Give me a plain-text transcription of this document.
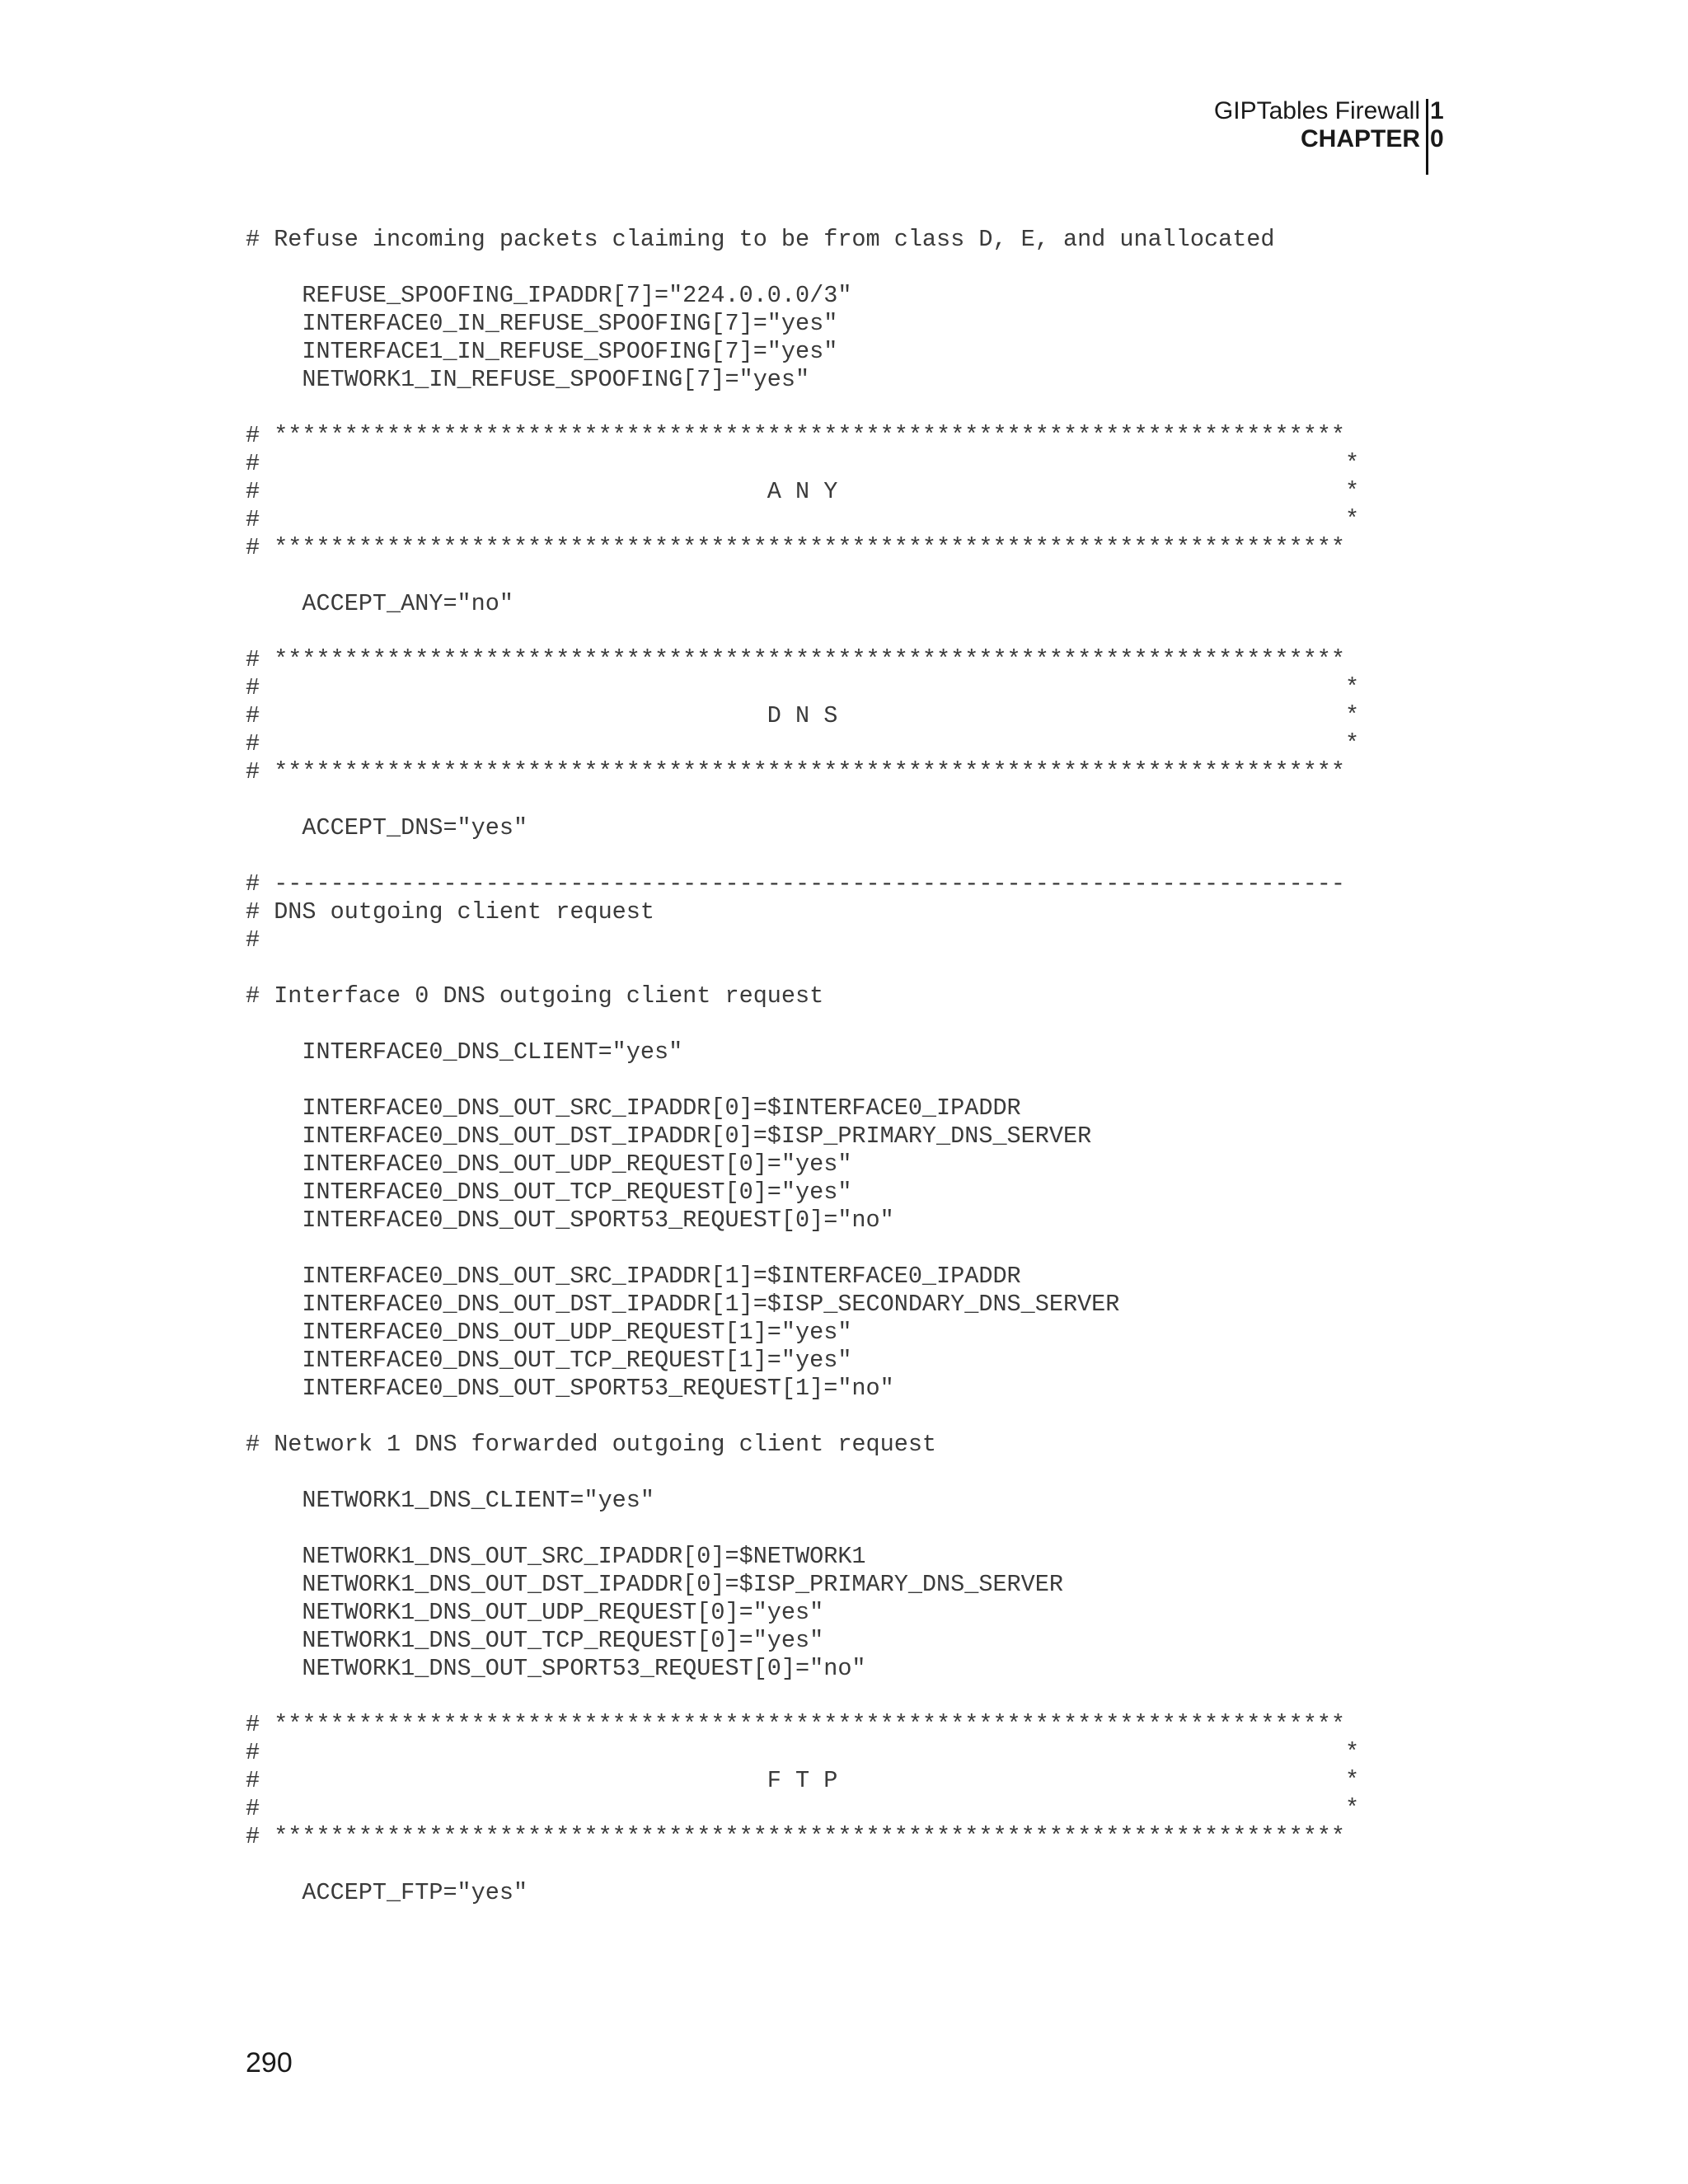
GIPTables Firewall
CHAPTER
1
0
# Refuse incoming packets claiming to be from class D, E, and unallocated
REFUSE_SPOOFING_IPADDR[7]="224.0.0.0/3"
INTERFACE0_IN_REFUSE_SPOOFING[7]="yes"
INTERFACE1_IN_REFUSE_SPOOFING[7]="yes"
NETWORK1_IN_REFUSE_SPOOFING[7]="yes"
# ****************************************************************************
#                                                                             *
#                                    A N Y                                    *
#                                                                             *
# ****************************************************************************
ACCEPT_ANY="no"
# ****************************************************************************
#                                                                             *
#                                    D N S                                    *
#                                                                             *
# ****************************************************************************
ACCEPT_DNS="yes"
# ----------------------------------------------------------------------------
# DNS outgoing client request
#
# Interface 0 DNS outgoing client request
INTERFACE0_DNS_CLIENT="yes"
INTERFACE0_DNS_OUT_SRC_IPADDR[0]=$INTERFACE0_IPADDR
INTERFACE0_DNS_OUT_DST_IPADDR[0]=$ISP_PRIMARY_DNS_SERVER
INTERFACE0_DNS_OUT_UDP_REQUEST[0]="yes"
INTERFACE0_DNS_OUT_TCP_REQUEST[0]="yes"
INTERFACE0_DNS_OUT_SPORT53_REQUEST[0]="no"
INTERFACE0_DNS_OUT_SRC_IPADDR[1]=$INTERFACE0_IPADDR
INTERFACE0_DNS_OUT_DST_IPADDR[1]=$ISP_SECONDARY_DNS_SERVER
INTERFACE0_DNS_OUT_UDP_REQUEST[1]="yes"
INTERFACE0_DNS_OUT_TCP_REQUEST[1]="yes"
INTERFACE0_DNS_OUT_SPORT53_REQUEST[1]="no"
# Network 1 DNS forwarded outgoing client request
NETWORK1_DNS_CLIENT="yes"
NETWORK1_DNS_OUT_SRC_IPADDR[0]=$NETWORK1
NETWORK1_DNS_OUT_DST_IPADDR[0]=$ISP_PRIMARY_DNS_SERVER
NETWORK1_DNS_OUT_UDP_REQUEST[0]="yes"
NETWORK1_DNS_OUT_TCP_REQUEST[0]="yes"
NETWORK1_DNS_OUT_SPORT53_REQUEST[0]="no"
# ****************************************************************************
#                                                                             *
#                                    F T P                                    *
#                                                                             *
# ****************************************************************************
ACCEPT_FTP="yes"
290
